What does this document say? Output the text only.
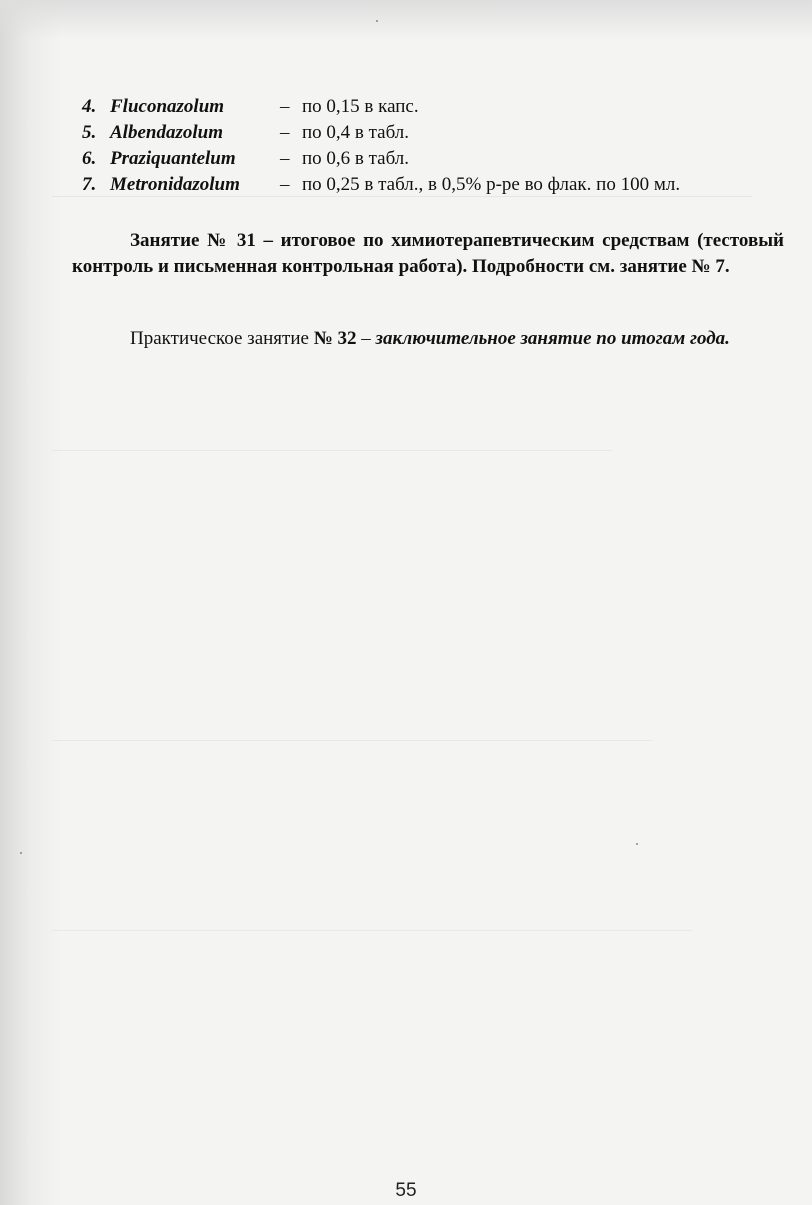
4. Fluconazolum	– по 0,15 в капс.
5. Albendazolum	– по 0,4 в табл.
6. Praziquantelum	– по 0,6 в табл.
7. Metronidazolum	– по 0,25 в табл., в 0,5% р-ре во флак. по 100 мл.
Занятие № 31 – итоговое по химиотерапевтическим средствам (тестовый контроль и письменная контрольная работа). Подробности см. занятие № 7.
Практическое занятие № 32 – заключительное занятие по итогам года.
55
